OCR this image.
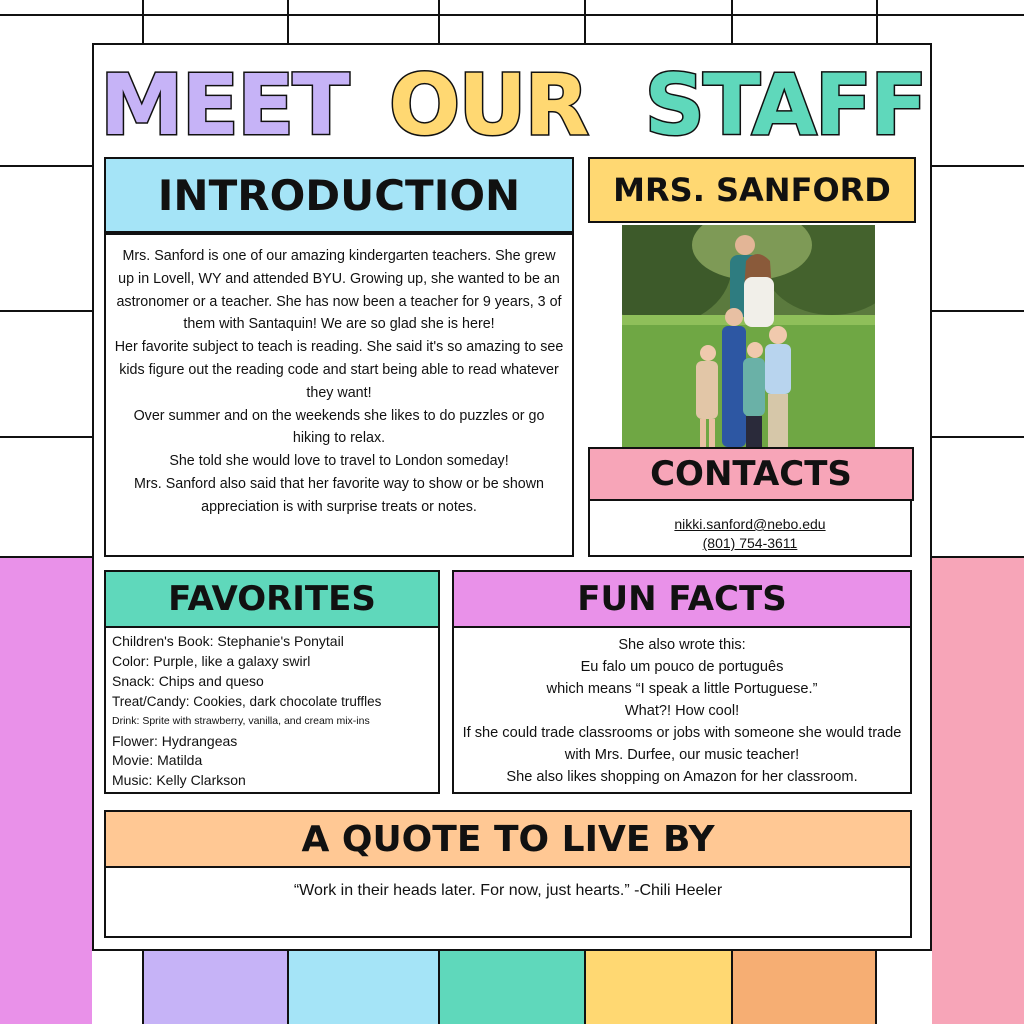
MEET OUR STAFF
INTRODUCTION

Mrs. Sanford is one of our amazing kindergarten teachers. She grew up in Lovell, WY and attended BYU. Growing up, she wanted to be an astronomer or a teacher. She has now been a teacher for 9 years, 3 of them with Santaquin! We are so glad she is here!

Her favorite subject to teach is reading. She said it's so amazing to see kids figure out the reading code and start being able to read whatever they want!

Over summer and on the weekends she likes to do puzzles or go hiking to relax.

She told she would love to travel to London someday!

Mrs. Sanford also said that her favorite way to show or be shown appreciation is with surprise treats or notes.

MRS. SANFORD
CONTACTS
nikki.sanford@nebo.edu
(801) 754-3611
FAVORITES
Children's Book: Stephanie's Ponytail
Color: Purple, like a galaxy swirl
Snack: Chips and queso
Treat/Candy: Cookies, dark chocolate truffles
Drink: Sprite with strawberry, vanilla, and cream mix-ins
Flower: Hydrangeas
Movie: Matilda
Music: Kelly Clarkson
FUN FACTS
She also wrote this:
Eu falo um pouco de português
which means “I speak a little Portuguese.”
What?! How cool!
If she could trade classrooms or jobs with someone she would trade with Mrs. Durfee, our music teacher!
She also likes shopping on Amazon for her classroom.
A QUOTE TO LIVE BY
“Work in their heads later. For now, just hearts.” -Chili Heeler
